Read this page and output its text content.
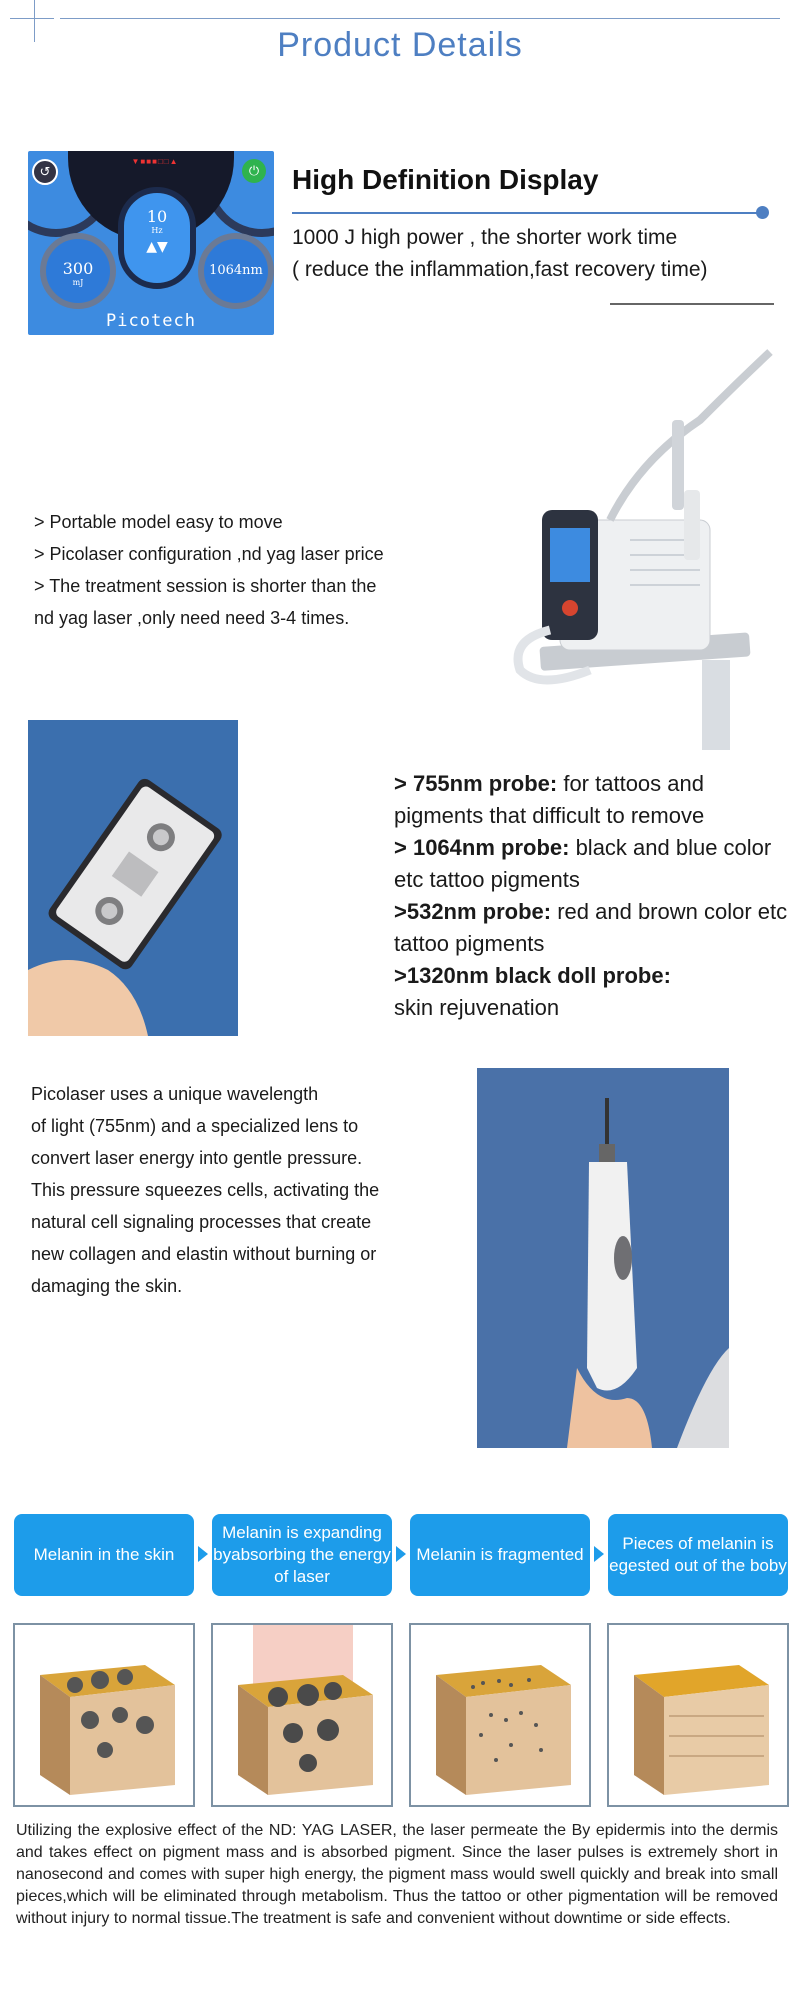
Product Details
▼■■■□□▲
↺	⏻
10
Hz
▲▼
300
mJ
1064nm
Picotech
High Definition Display
1000 J high power , the shorter work time
( reduce the inflammation,fast recovery time)
> Portable model easy to move
> Picolaser configuration ,nd yag laser price
> The treatment session is shorter than the
nd yag laser ,only need need 3-4 times.
> 755nm probe: for tattoos and pigments that difficult to remove
> 1064nm probe: black and blue color etc tattoo pigments
>532nm probe: red and brown color etc tattoo pigments
>1320nm black doll probe:
skin rejuvenation
Picolaser uses a unique wavelength
of light (755nm) and a specialized lens to
convert laser energy into gentle pressure.
This pressure squeezes cells, activating the
natural cell signaling processes that create
new collagen and elastin without burning or
damaging the skin.
Melanin in the skin
Melanin is expanding byabsorbing the energy of laser
Melanin is fragmented
Pieces of melanin is egested out of the boby
Utilizing the explosive effect of the ND: YAG LASER, the laser permeate the By epidermis into the dermis and takes effect on pigment mass and is absorbed pigment. Since the laser pulses is extremely short in nanosecond and comes with super high energy, the pigment mass would swell quickly and break into small pieces,which will be eliminated through metabolism. Thus the tattoo or other pigmentation will be removed without injury to normal tissue.The treatment is safe and convenient without downtime or side effects.
